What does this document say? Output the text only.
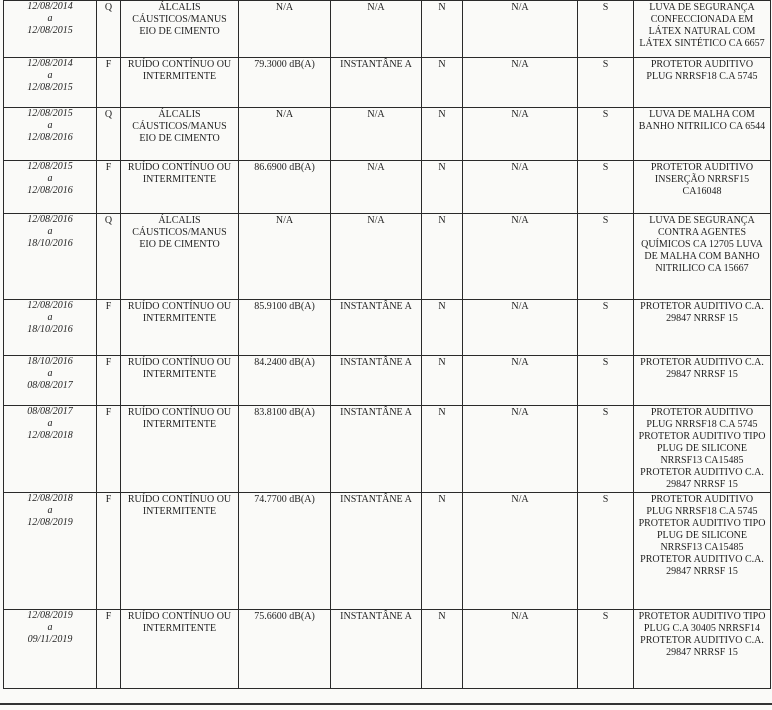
12/08/2014
a
12/08/2015	Q	ÁLCALIS CÁUSTICOS/MANUS EIO DE CIMENTO	N/A	N/A	N	N/A	S	LUVA DE SEGURANÇA CONFECCIONADA EM LÁTEX NATURAL COM LÁTEX SINTÉTICO CA 6657

12/08/2014
a
12/08/2015	F	RUÍDO CONTÍNUO OU INTERMITENTE	79.3000 dB(A)	INSTANTÂNE A	N	N/A	S	PROTETOR AUDITIVO PLUG NRRSF18 C.A 5745

12/08/2015
a
12/08/2016	Q	ÁLCALIS CÁUSTICOS/MANUS EIO DE CIMENTO	N/A	N/A	N	N/A	S	LUVA DE MALHA COM BANHO NITRILICO CA 6544

12/08/2015
a
12/08/2016	F	RUÍDO CONTÍNUO OU INTERMITENTE	86.6900 dB(A)	N/A	N	N/A	S	PROTETOR AUDITIVO INSERÇÃO NRRSF15 CA16048

12/08/2016
a
18/10/2016	Q	ÁLCALIS CÁUSTICOS/MANUS EIO DE CIMENTO	N/A	N/A	N	N/A	S	LUVA DE SEGURANÇA CONTRA AGENTES QUÍMICOS CA 12705 LUVA DE MALHA COM BANHO NITRILICO CA 15667

12/08/2016
a
18/10/2016	F	RUÍDO CONTÍNUO OU INTERMITENTE	85.9100 dB(A)	INSTANTÂNE A	N	N/A	S	PROTETOR AUDITIVO C.A. 29847 NRRSF 15

18/10/2016
a
08/08/2017	F	RUÍDO CONTÍNUO OU INTERMITENTE	84.2400 dB(A)	INSTANTÂNE A	N	N/A	S	PROTETOR AUDITIVO C.A. 29847 NRRSF 15

08/08/2017
a
12/08/2018	F	RUÍDO CONTÍNUO OU INTERMITENTE	83.8100 dB(A)	INSTANTÂNE A	N	N/A	S	PROTETOR AUDITIVO PLUG NRRSF18 C.A 5745 PROTETOR AUDITIVO TIPO PLUG DE SILICONE NRRSF13 CA15485 PROTETOR AUDITIVO C.A. 29847 NRRSF 15

12/08/2018
a
12/08/2019	F	RUÍDO CONTÍNUO OU INTERMITENTE	74.7700 dB(A)	INSTANTÂNE A	N	N/A	S	PROTETOR AUDITIVO PLUG NRRSF18 C.A 5745 PROTETOR AUDITIVO TIPO PLUG DE SILICONE NRRSF13 CA15485 PROTETOR AUDITIVO C.A. 29847 NRRSF 15

12/08/2019
a
09/11/2019	F	RUÍDO CONTÍNUO OU INTERMITENTE	75.6600 dB(A)	INSTANTÂNE A	N	N/A	S	PROTETOR AUDITIVO TIPO PLUG C.A 30405 NRRSF14 PROTETOR AUDITIVO C.A. 29847 NRRSF 15
